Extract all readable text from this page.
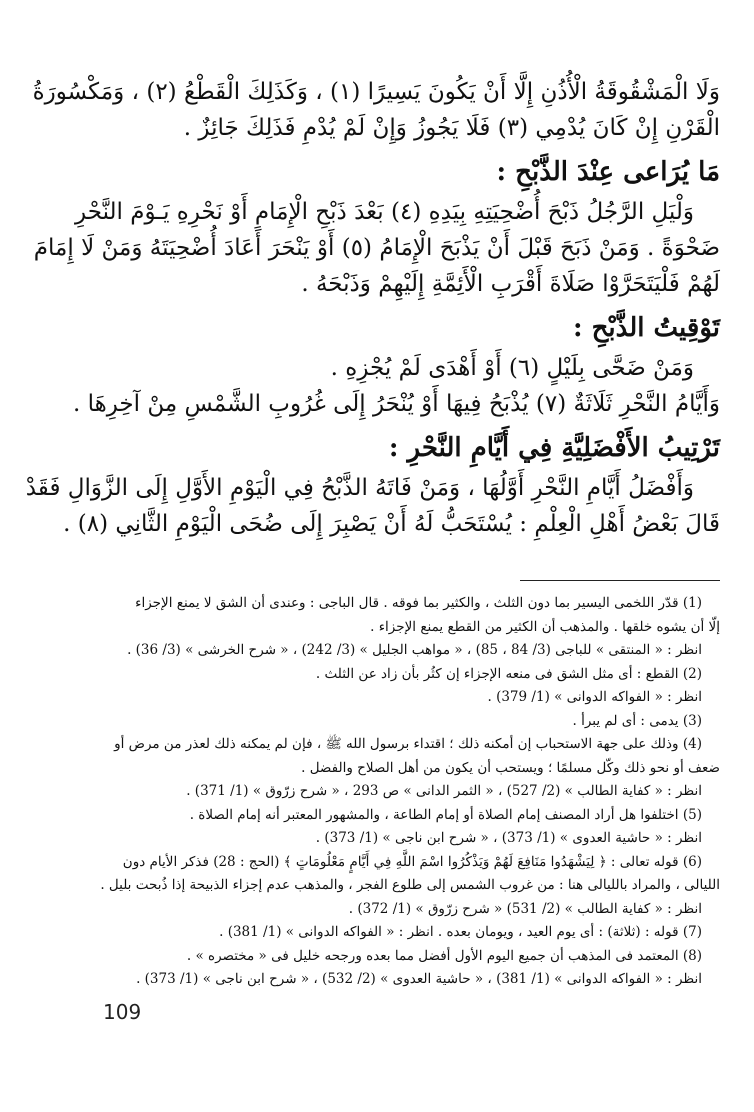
وَلَا الْمَشْقُوقَةُ الْأُذُنِ إِلَّا أَنْ يَكُونَ يَسِيرًا (١) ، وَكَذَلِكَ الْقَطْعُ (٢) ، وَمَكْسُورَةُ

الْقَرْنِ إِنْ كَانَ يُدْمِي (٣) فَلَا يَجُوزُ وَإِنْ لَمْ يُدْمِ فَذَلِكَ جَائِزٌ .

مَا يُرَاعى عِنْدَ الذَّبْحِ :

وَلْيَلِ الرَّجُلُ ذَبْحَ أُضْحِيَتِهِ بِيَدِهِ (٤) بَعْدَ ذَبْحِ الْإِمَامِ أَوْ نَحْرِهِ يَـوْمَ النَّحْرِ

ضَحْوَةً . وَمَنْ ذَبَحَ قَبْلَ أَنْ يَذْبَحَ الْإِمَامُ (٥) أَوْ يَنْحَرَ أَعَادَ أُضْحِيَتَهُ وَمَنْ لَا إِمَامَ

لَهُمْ فَلْيَتَحَرَّوْا صَلَاةَ أَقْرَبِ الْأَئِمَّةِ إِلَيْهِمْ وَذَبْحَهُ .

تَوْقِيتُ الذَّبْحِ :

وَمَنْ ضَحَّى بِلَيْلٍ (٦) أَوْ أَهْدَى لَمْ يُجْزِهِ .

وَأَيَّامُ النَّحْرِ ثَلَاثَةٌ (٧) يُذْبَحُ فِيهَا أَوْ يُنْحَرُ إِلَى غُرُوبِ الشَّمْسِ مِنْ آخِرِهَا .

تَرْتِيبُ الأَفْضَلِيَّةِ فِي أَيَّامِ النَّحْرِ :

وَأَفْضَلُ أَيَّامِ النَّحْرِ أَوَّلُهَا ، وَمَنْ فَاتَهُ الذَّبْحُ فِي الْيَوْمِ الأَوَّلِ إِلَى الزَّوَالِ فَقَدْ

قَالَ بَعْضُ أَهْلِ الْعِلْمِ : يُسْتَحَبُّ لَهُ أَنْ يَصْبِرَ إِلَى ضُحَى الْيَوْمِ الثَّانِي (٨) .

(1) قدّر اللخمى اليسير بما دون الثلث ، والكثير بما فوقه . قال الباجى : وعندى أن الشق لا يمنع الإجزاء

إلّا أن يشوه خلقها . والمذهب أن الكثير من القطع يمنع الإجزاء .

انظر : « المنتقى » للباجى (3/ 84 ، 85) ، « مواهب الجليل » (3/ 242) ، « شرح الخرشى » (3/ 36) .

(2) القطع : أى مثل الشق فى منعه الإجزاء إن كثُر بأن زاد عن الثلث .

انظر : « الفواكه الدوانى » (1/ 379) .

(3) يدمى : أى لم يبرأ .

(4) وذلك على جهة الاستحباب إن أمكنه ذلك ؛ اقتداء برسول الله ﷺ ، فإن لم يمكنه ذلك لعذر من مرض أو

ضعف أو نحو ذلك وكّل مسلمًا ؛ ويستحب أن يكون من أهل الصلاح والفضل .

انظر : « كفاية الطالب » (2/ 527) ، « الثمر الدانى » ص 293 ، « شرح زرّوق » (1/ 371) .

(5) اختلفوا هل أراد المصنف إمام الصلاة أو إمام الطاعة ، والمشهور المعتبر أنه إمام الصلاة .

انظر : « حاشية العدوى » (1/ 373) ، « شرح ابن ناجى » (1/ 373) .

(6) قوله تعالى : ﴿ لِيَشْهَدُوا مَنَافِعَ لَهُمْ وَيَذْكُرُوا اسْمَ اللَّهِ فِي أَيَّامٍ مَعْلُومَاتٍ ﴾ (الحج : 28) فذكر الأيام دون

الليالى ، والمراد بالليالى هنا : من غروب الشمس إلى طلوع الفجر ، والمذهب عدم إجزاء الذبيحة إذا ذُبحت بليل .

انظر : « كفاية الطالب » (2/ 531) « شرح زرّوق » (1/ 372) .

(7) قوله : (ثلاثة) : أى يوم العيد ، ويومان بعده . انظر : « الفواكه الدوانى » (1/ 381) .

(8) المعتمد فى المذهب أن جميع اليوم الأول أفضل مما بعده ورجحه خليل فى « مختصره » .

انظر : « الفواكه الدوانى » (1/ 381) ، « حاشية العدوى » (2/ 532) ، « شرح ابن ناجى » (1/ 373) .

109
